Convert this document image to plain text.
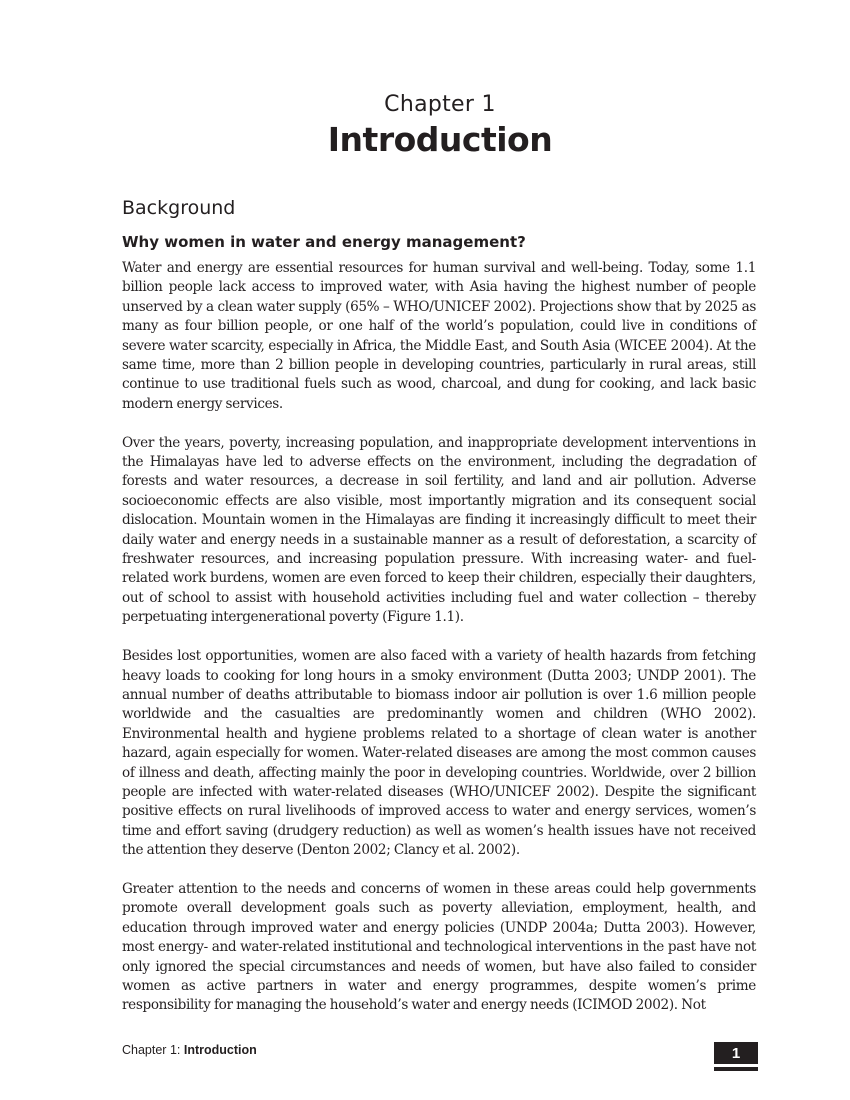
Chapter 1
Introduction
Background
Why women in water and energy management?

Water and energy are essential resources for human survival and well-being. Today, some 1.1 billion people lack access to improved water, with Asia having the highest number of people unserved by a clean water supply (65% – WHO/UNICEF 2002). Projections show that by 2025 as many as four billion people, or one half of the world’s population, could live in conditions of severe water scarcity, especially in Africa, the Middle East, and South Asia (WICEE 2004). At the same time, more than 2 billion people in developing countries, particularly in rural areas, still continue to use traditional fuels such as wood, charcoal, and dung for cooking, and lack basic modern energy services.

Over the years, poverty, increasing population, and inappropriate development interventions in the Himalayas have led to adverse effects on the environment, including the degradation of forests and water resources, a decrease in soil fertility, and land and air pollution. Adverse socioeconomic effects are also visible, most importantly migration and its consequent social dislocation. Mountain women in the Himalayas are finding it increasingly difficult to meet their daily water and energy needs in a sustainable manner as a result of deforestation, a scarcity of freshwater resources, and increasing population pressure. With increasing water- and fuel-related work burdens, women are even forced to keep their children, especially their daughters, out of school to assist with household activities including fuel and water collection – thereby perpetuating intergenerational poverty (Figure 1.1).

Besides lost opportunities, women are also faced with a variety of health hazards from fetching heavy loads to cooking for long hours in a smoky environment (Dutta 2003; UNDP 2001). The annual number of deaths attributable to biomass indoor air pollution is over 1.6 million people worldwide and the casualties are predominantly women and children (WHO 2002). Environmental health and hygiene problems related to a shortage of clean water is another hazard, again especially for women. Water-related diseases are among the most common causes of illness and death, affecting mainly the poor in developing countries. Worldwide, over 2 billion people are infected with water-related diseases (WHO/UNICEF 2002). Despite the significant positive effects on rural livelihoods of improved access to water and energy services, women’s time and effort saving (drudgery reduction) as well as women’s health issues have not received the attention they deserve (Denton 2002; Clancy et al. 2002).

Greater attention to the needs and concerns of women in these areas could help governments promote overall development goals such as poverty alleviation, employment, health, and education through improved water and energy policies (UNDP 2004a; Dutta 2003). However, most energy- and water-related institutional and technological interventions in the past have not only ignored the special circumstances and needs of women, but have also failed to consider women as active partners in water and energy programmes, despite women’s prime responsibility for managing the household’s water and energy needs (ICIMOD 2002). Not

Chapter 1: Introduction	1
